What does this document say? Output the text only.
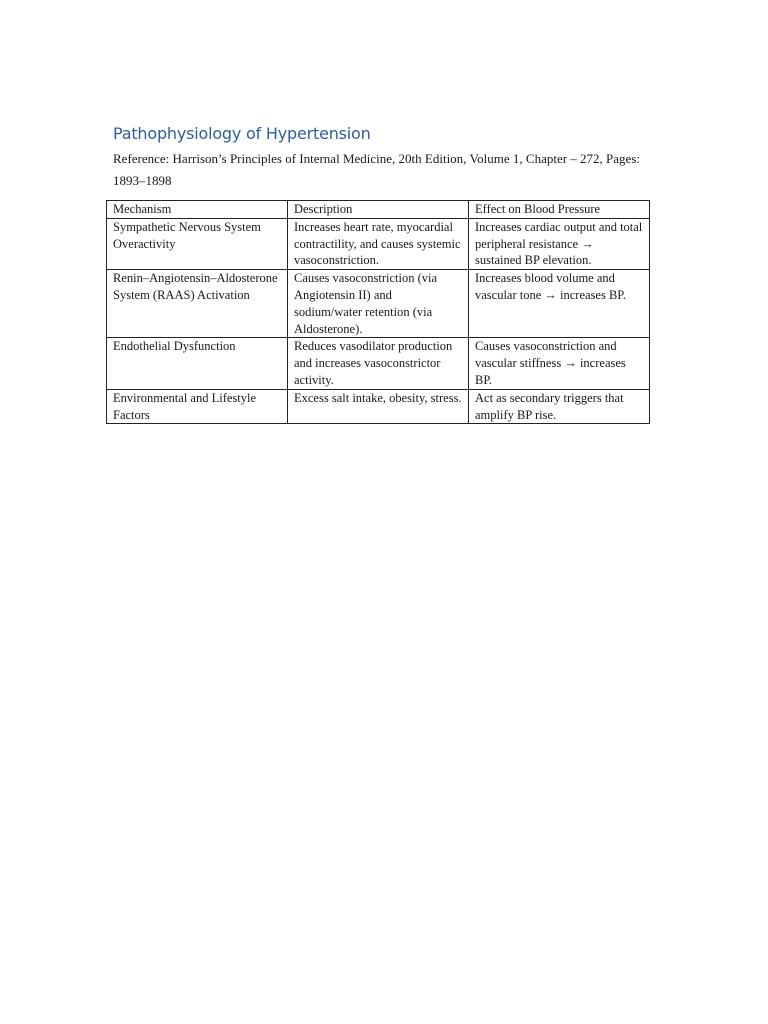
Pathophysiology of Hypertension

Reference: Harrison’s Principles of Internal Medicine, 20th Edition, Volume 1, Chapter – 272, Pages: 1893–1898

Mechanism	Description	Effect on Blood Pressure
Sympathetic Nervous System Overactivity	Increases heart rate, myocardial contractility, and causes systemic vasoconstriction.	Increases cardiac output and total peripheral resistance → sustained BP elevation.
Renin–Angiotensin–Aldosterone System (RAAS) Activation	Causes vasoconstriction (via Angiotensin II) and sodium/water retention (via Aldosterone).	Increases blood volume and vascular tone → increases BP.
Endothelial Dysfunction	Reduces vasodilator production and increases vasoconstrictor activity.	Causes vasoconstriction and vascular stiffness → increases BP.
Environmental and Lifestyle Factors	Excess salt intake, obesity, stress.	Act as secondary triggers that amplify BP rise.
